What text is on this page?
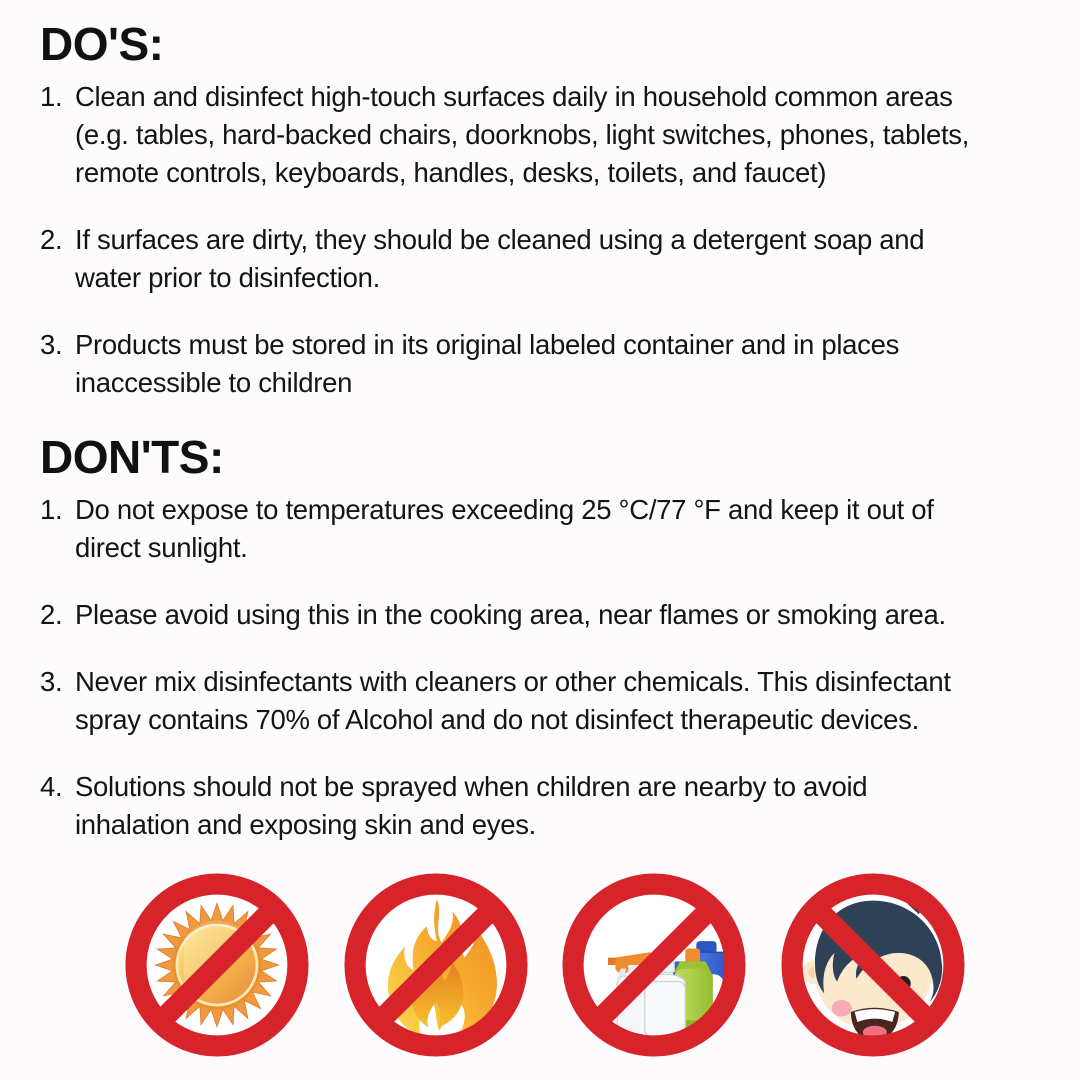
DO'S:
1. Clean and disinfect high-touch surfaces daily in household common areas
(e.g. tables, hard-backed chairs, doorknobs, light switches, phones, tablets,
remote controls, keyboards, handles, desks, toilets, and faucet)
2. If surfaces are dirty, they should be cleaned using a detergent soap and
water prior to disinfection.
3. Products must be stored in its original labeled container and in places
inaccessible to children
DON'TS:
1. Do not expose to temperatures exceeding 25 °C/77 °F and keep it out of
direct sunlight.
2. Please avoid using this in the cooking area, near flames or smoking area.
3. Never mix disinfectants with cleaners or other chemicals. This disinfectant
spray contains 70% of Alcohol and do not disinfect therapeutic devices.
4. Solutions should not be sprayed when children are nearby to avoid
inhalation and exposing skin and eyes.
